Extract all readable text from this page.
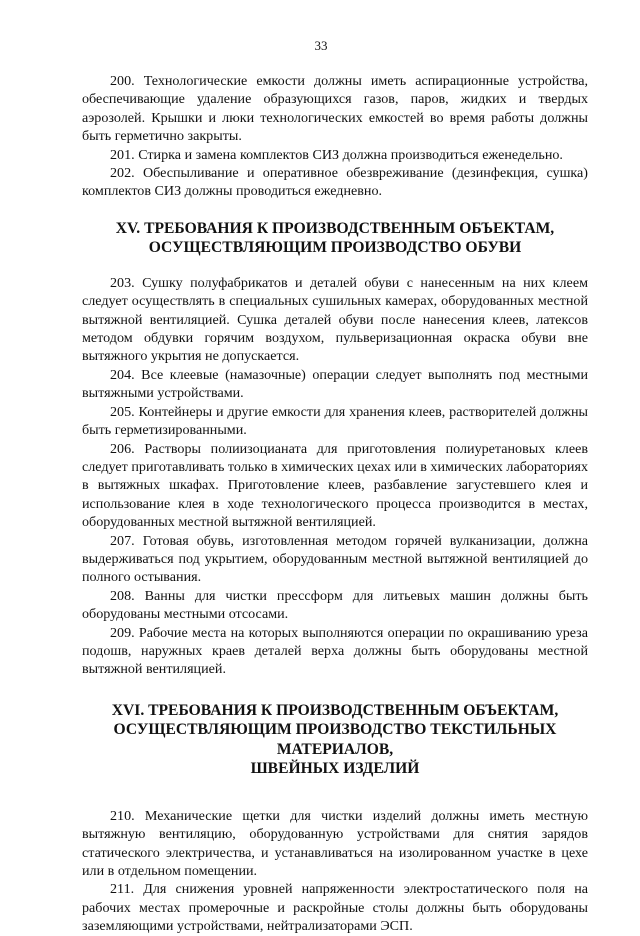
33

200. Технологические емкости должны иметь аспирационные устройства, обеспечивающие удаление образующихся газов, паров, жидких и твердых аэрозолей. Крышки и люки технологических емкостей во время работы должны быть герметично закрыты.

201. Стирка и замена комплектов СИЗ должна производиться еженедельно.

202. Обеспыливание и оперативное обезвреживание (дезинфекция, сушка) комплектов СИЗ должны проводиться ежедневно.

XV. ТРЕБОВАНИЯ К ПРОИЗВОДСТВЕННЫМ ОБЪЕКТАМ,
ОСУЩЕСТВЛЯЮЩИМ ПРОИЗВОДСТВО ОБУВИ

203. Сушку полуфабрикатов и деталей обуви с нанесенным на них клеем следует осуществлять в специальных сушильных камерах, оборудованных местной вытяжной вентиляцией. Сушка деталей обуви после нанесения клеев, латексов методом обдувки горячим воздухом, пульверизационная окраска обуви вне вытяжного укрытия не допускается.

204. Все клеевые (намазочные) операции следует выполнять под местными вытяжными устройствами.

205. Контейнеры и другие емкости для хранения клеев, растворителей должны быть герметизированными.

206. Растворы полиизоцианата для приготовления полиуретановых клеев следует приготавливать только в химических цехах или в химических лабораториях в вытяжных шкафах. Приготовление клеев, разбавление загустевшего клея и использование клея в ходе технологического процесса производится в местах, оборудованных местной вытяжной вентиляцией.

207. Готовая обувь, изготовленная методом горячей вулканизации, должна выдерживаться под укрытием, оборудованным местной вытяжной вентиляцией до полного остывания.

208. Ванны для чистки прессформ для литьевых машин должны быть оборудованы местными отсосами.

209. Рабочие места на которых выполняются операции по окрашиванию уреза подошв, наружных краев деталей верха должны быть оборудованы местной вытяжной вентиляцией.

XVI. ТРЕБОВАНИЯ К ПРОИЗВОДСТВЕННЫМ ОБЪЕКТАМ,
ОСУЩЕСТВЛЯЮЩИМ ПРОИЗВОДСТВО ТЕКСТИЛЬНЫХ МАТЕРИАЛОВ,
ШВЕЙНЫХ ИЗДЕЛИЙ

210. Механические щетки для чистки изделий должны иметь местную вытяжную вентиляцию, оборудованную устройствами для снятия зарядов статического электричества, и устанавливаться на изолированном участке в цехе или в отдельном помещении.

211. Для снижения уровней напряженности электростатического поля на рабочих местах промерочные и раскройные столы должны быть оборудованы заземляющими устройствами, нейтрализаторами ЭСП.
